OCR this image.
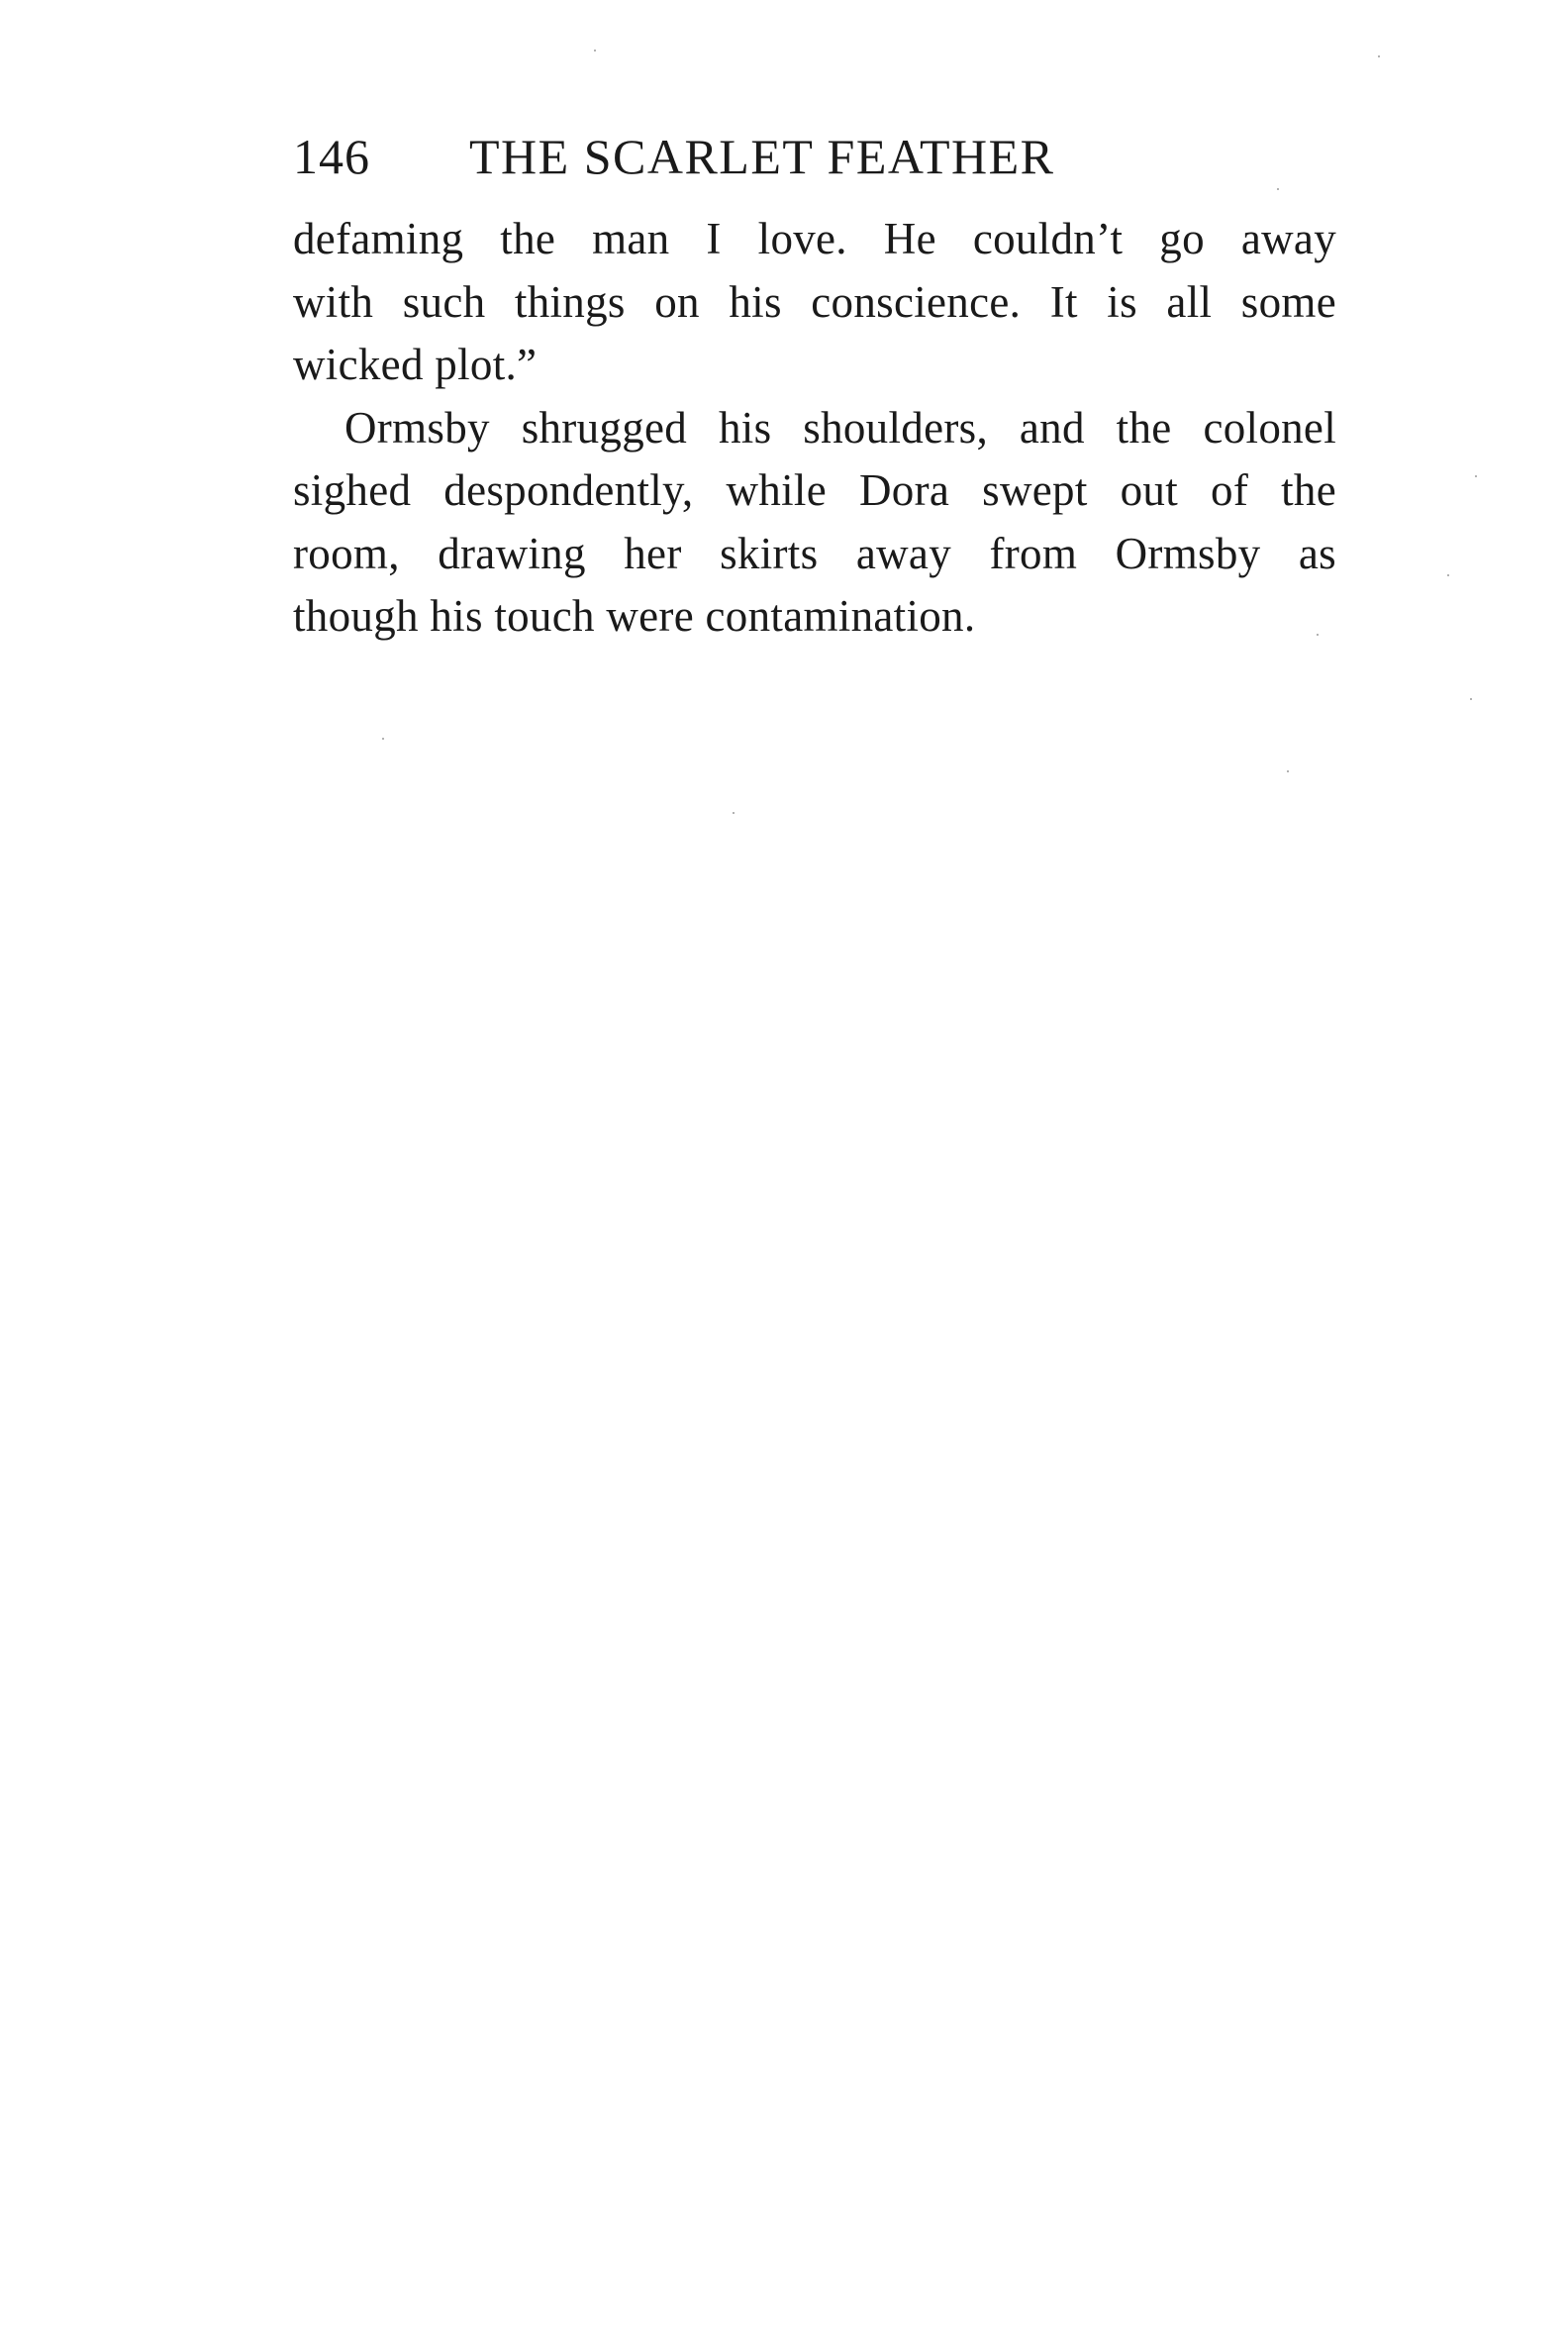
146 THE SCARLET FEATHER
defaming the man I love. He couldn’t go away
with such things on his conscience. It is all some
wicked plot.”
Ormsby shrugged his shoulders, and the colonel
sighed despondently, while Dora swept out of the
room, drawing her skirts away from Ormsby as
though his touch were contamination.
